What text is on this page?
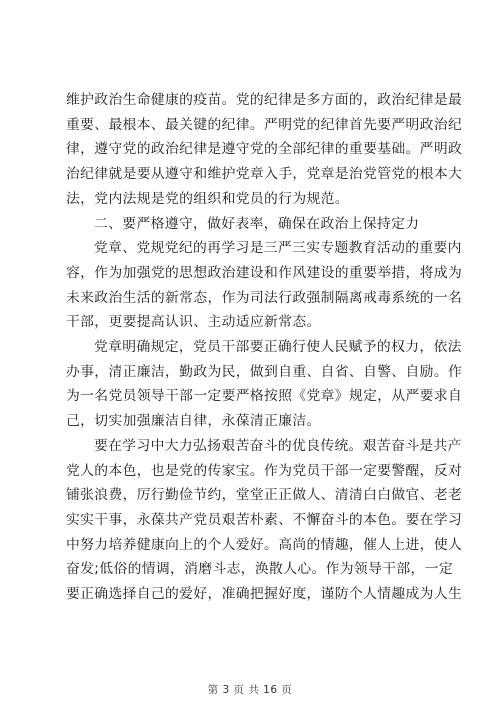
维护政治生命健康的疫苗。党的纪律是多方面的，政治纪律是最

重要、最根本、最关键的纪律。严明党的纪律首先要严明政治纪

律，遵守党的政治纪律是遵守党的全部纪律的重要基础。严明政

治纪律就是要从遵守和维护党章入手，党章是治党管党的根本大

法，党内法规是党的组织和党员的行为规范。

二、要严格遵守，做好表率，确保在政治上保持定力

党章、党规党纪的再学习是三严三实专题教育活动的重要内

容，作为加强党的思想政治建设和作风建设的重要举措，将成为

未来政治生活的新常态，作为司法行政强制隔离戒毒系统的一名

干部，更要提高认识、主动适应新常态。

党章明确规定，党员干部要正确行使人民赋予的权力，依法

办事，清正廉洁，勤政为民，做到自重、自省、自警、自励。作

为一名党员领导干部一定要严格按照《党章》规定，从严要求自

己，切实加强廉洁自律，永葆清正廉洁。

要在学习中大力弘扬艰苦奋斗的优良传统。艰苦奋斗是共产

党人的本色，也是党的传家宝。作为党员干部一定要警醒，反对

铺张浪费，厉行勤俭节约，堂堂正正做人、清清白白做官、老老

实实干事，永葆共产党员艰苦朴素、不懈奋斗的本色。要在学习

中努力培养健康向上的个人爱好。高尚的情趣，催人上进，使人

奋发;低俗的情调，消磨斗志，涣散人心。作为领导干部，一定

要正确选择自己的爱好，准确把握好度，谨防个人情趣成为人生

第 3 页 共 16 页
